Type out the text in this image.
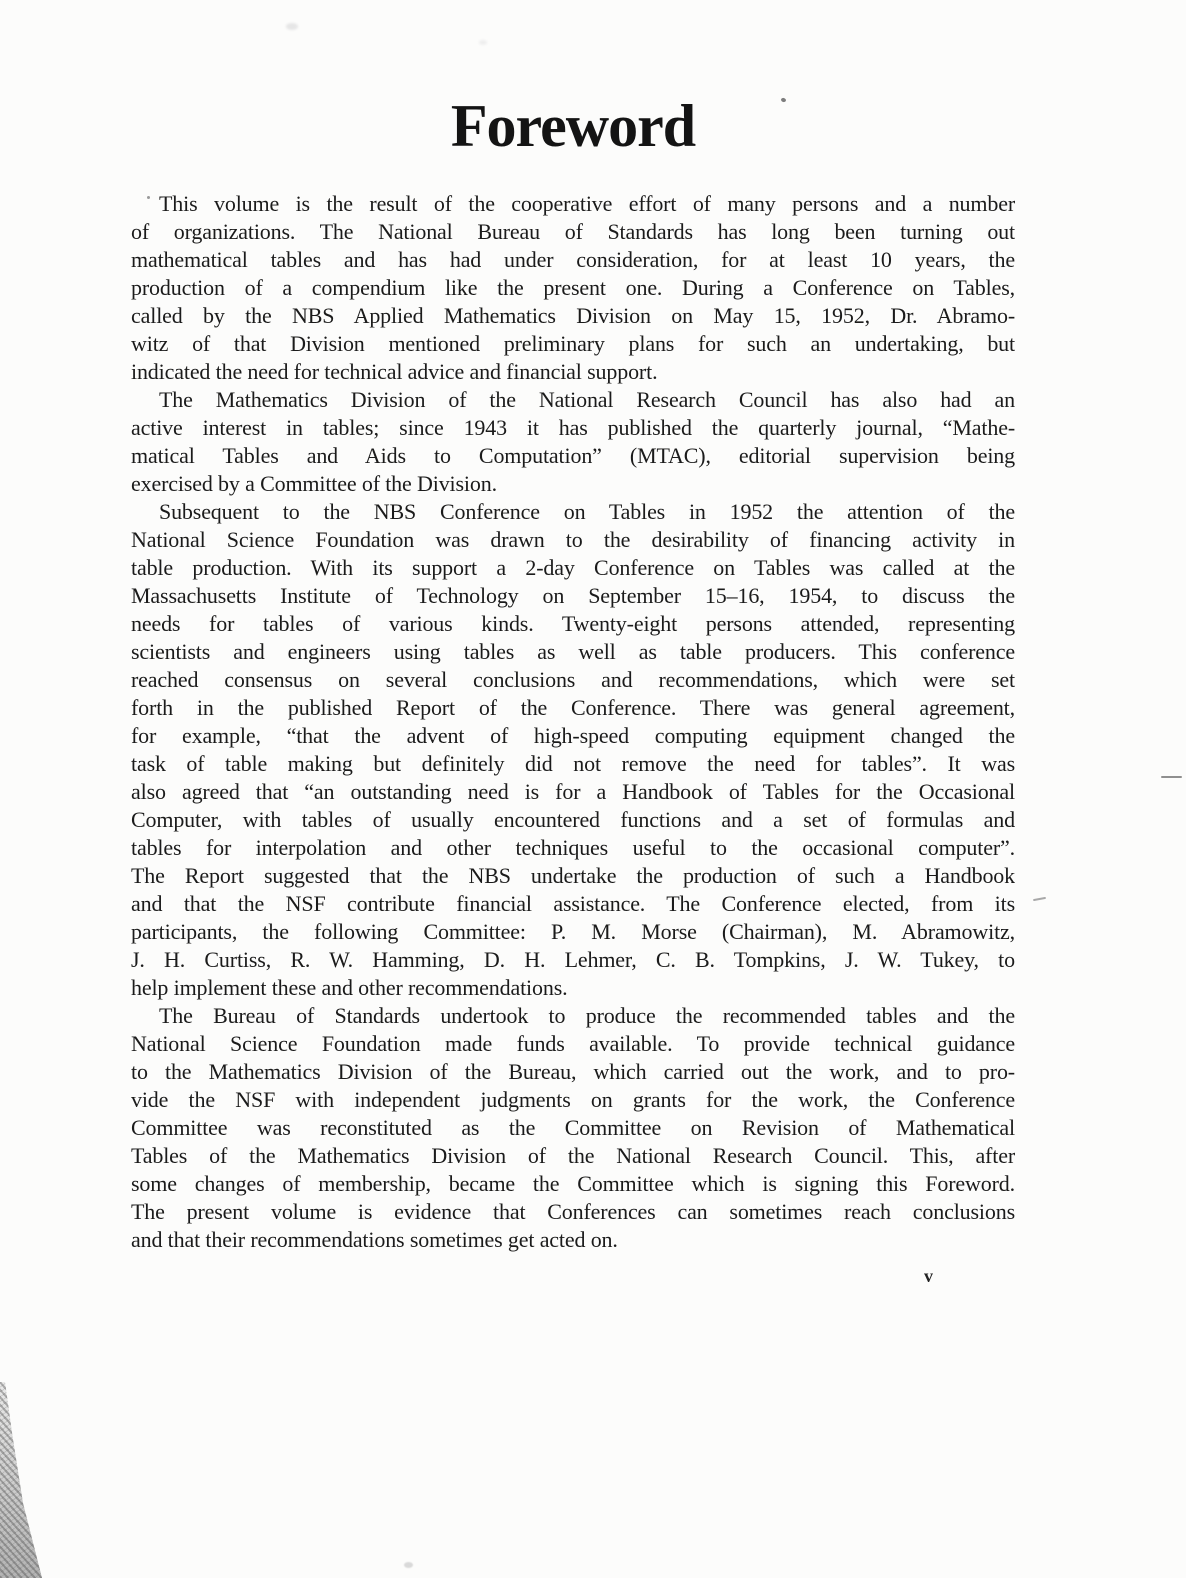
Foreword
This volume is the result of the cooperative effort of many persons and a number
of organizations. The National Bureau of Standards has long been turning out
mathematical tables and has had under consideration, for at least 10 years, the
production of a compendium like the present one. During a Conference on Tables,
called by the NBS Applied Mathematics Division on May 15, 1952, Dr. Abramo-
witz of that Division mentioned preliminary plans for such an undertaking, but
indicated the need for technical advice and financial support.
The Mathematics Division of the National Research Council has also had an
active interest in tables; since 1943 it has published the quarterly journal, “Mathe-
matical Tables and Aids to Computation” (MTAC), editorial supervision being
exercised by a Committee of the Division.
Subsequent to the NBS Conference on Tables in 1952 the attention of the
National Science Foundation was drawn to the desirability of financing activity in
table production. With its support a 2-day Conference on Tables was called at the
Massachusetts Institute of Technology on September 15–16, 1954, to discuss the
needs for tables of various kinds. Twenty-eight persons attended, representing
scientists and engineers using tables as well as table producers. This conference
reached consensus on several conclusions and recommendations, which were set
forth in the published Report of the Conference. There was general agreement,
for example, “that the advent of high-speed computing equipment changed the
task of table making but definitely did not remove the need for tables”. It was
also agreed that “an outstanding need is for a Handbook of Tables for the Occasional
Computer, with tables of usually encountered functions and a set of formulas and
tables for interpolation and other techniques useful to the occasional computer”.
The Report suggested that the NBS undertake the production of such a Handbook
and that the NSF contribute financial assistance. The Conference elected, from its
participants, the following Committee: P. M. Morse (Chairman), M. Abramowitz,
J. H. Curtiss, R. W. Hamming, D. H. Lehmer, C. B. Tompkins, J. W. Tukey, to
help implement these and other recommendations.
The Bureau of Standards undertook to produce the recommended tables and the
National Science Foundation made funds available. To provide technical guidance
to the Mathematics Division of the Bureau, which carried out the work, and to pro-
vide the NSF with independent judgments on grants for the work, the Conference
Committee was reconstituted as the Committee on Revision of Mathematical
Tables of the Mathematics Division of the National Research Council. This, after
some changes of membership, became the Committee which is signing this Foreword.
The present volume is evidence that Conferences can sometimes reach conclusions
and that their recommendations sometimes get acted on.
v
